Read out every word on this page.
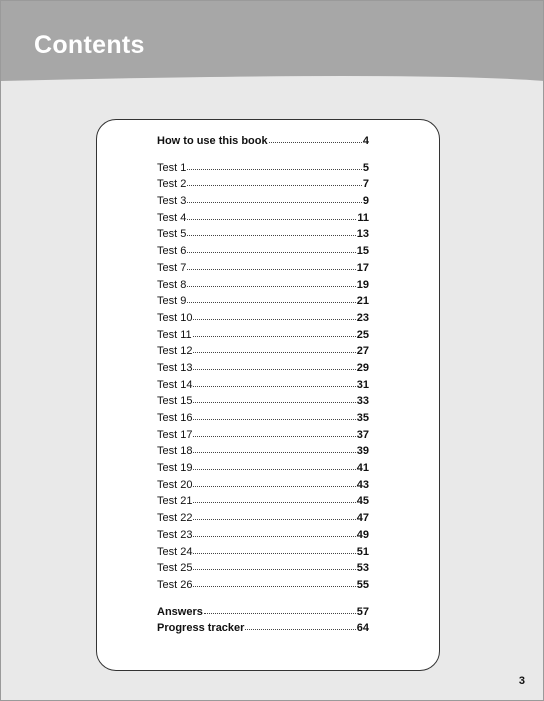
Contents
How to use this book	4
Test 1	5
Test 2	7
Test 3	9
Test 4	11
Test 5	13
Test 6	15
Test 7	17
Test 8	19
Test 9	21
Test 10	23
Test 11	25
Test 12	27
Test 13	29
Test 14	31
Test 15	33
Test 16	35
Test 17	37
Test 18	39
Test 19	41
Test 20	43
Test 21	45
Test 22	47
Test 23	49
Test 24	51
Test 25	53
Test 26	55
Answers	57
Progress tracker	64

3
